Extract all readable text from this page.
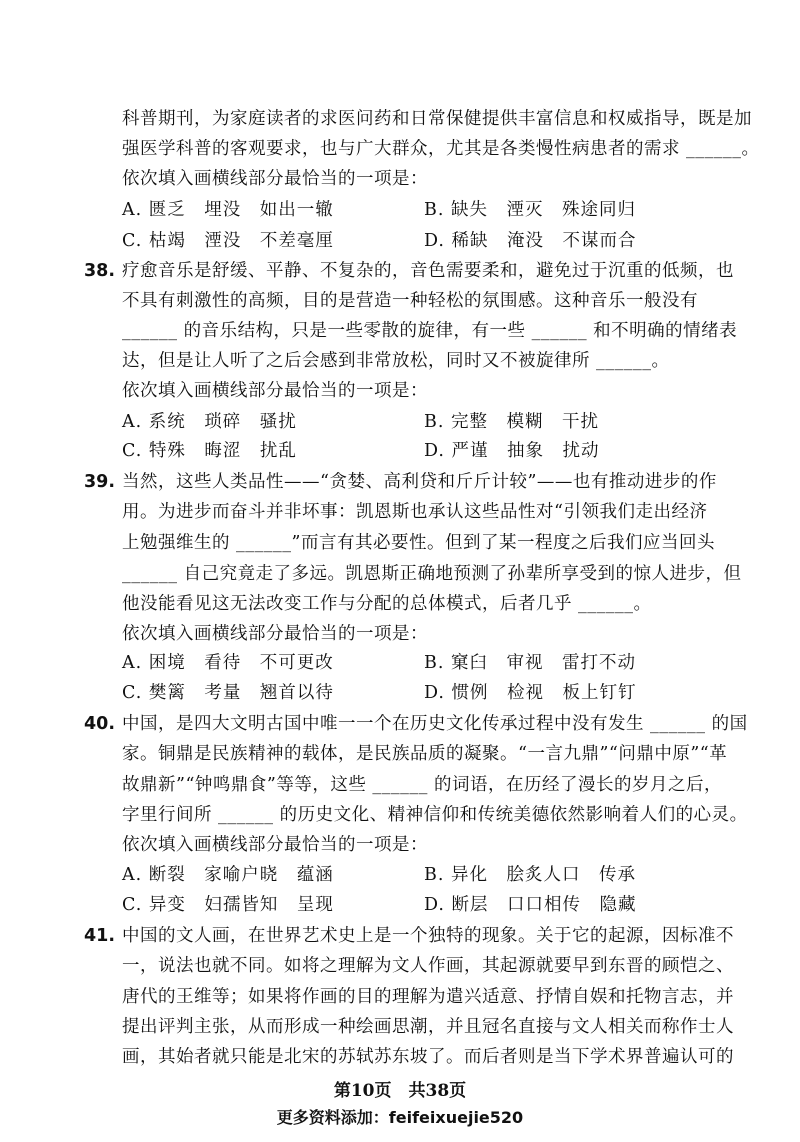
科普期刊，为家庭读者的求医问药和日常保健提供丰富信息和权威指导，既是加
强医学科普的客观要求，也与广大群众，尤其是各类慢性病患者的需求 ______。
依次填入画横线部分最恰当的一项是：
A. 匮乏　埋没　如出一辙	B. 缺失　湮灭　殊途同归
C. 枯竭　湮没　不差毫厘	D. 稀缺　淹没　不谋而合
38. 疗愈音乐是舒缓、平静、不复杂的，音色需要柔和，避免过于沉重的低频，也
不具有刺激性的高频，目的是营造一种轻松的氛围感。这种音乐一般没有
______ 的音乐结构，只是一些零散的旋律，有一些 ______ 和不明确的情绪表
达，但是让人听了之后会感到非常放松，同时又不被旋律所 ______。
依次填入画横线部分最恰当的一项是：
A. 系统　琐碎　骚扰	B. 完整　模糊　干扰
C. 特殊　晦涩　扰乱	D. 严谨　抽象　扰动
39. 当然，这些人类品性——“贪婪、高利贷和斤斤计较”——也有推动进步的作
用。为进步而奋斗并非坏事：凯恩斯也承认这些品性对“引领我们走出经济
上勉强维生的 ______”而言有其必要性。但到了某一程度之后我们应当回头
______ 自己究竟走了多远。凯恩斯正确地预测了孙辈所享受到的惊人进步，但
他没能看见这无法改变工作与分配的总体模式，后者几乎 ______。
依次填入画横线部分最恰当的一项是：
A. 困境　看待　不可更改	B. 窠臼　审视　雷打不动
C. 樊篱　考量　翘首以待	D. 惯例　检视　板上钉钉
40. 中国，是四大文明古国中唯一一个在历史文化传承过程中没有发生 ______ 的国
家。铜鼎是民族精神的载体，是民族品质的凝聚。“一言九鼎”“问鼎中原”“革
故鼎新”“钟鸣鼎食”等等，这些 ______ 的词语，在历经了漫长的岁月之后，
字里行间所 ______ 的历史文化、精神信仰和传统美德依然影响着人们的心灵。
依次填入画横线部分最恰当的一项是：
A. 断裂　家喻户晓　蕴涵	B. 异化　脍炙人口　传承
C. 异变　妇孺皆知　呈现	D. 断层　口口相传　隐藏
41. 中国的文人画，在世界艺术史上是一个独特的现象。关于它的起源，因标准不
一，说法也就不同。如将之理解为文人作画，其起源就要早到东晋的顾恺之、
唐代的王维等；如果将作画的目的理解为遣兴适意、抒情自娱和托物言志，并
提出评判主张，从而形成一种绘画思潮，并且冠名直接与文人相关而称作士人
画，其始者就只能是北宋的苏轼苏东坡了。而后者则是当下学术界普遍认可的
第10页　共38页
更多资料添加：feifeixuejie520
